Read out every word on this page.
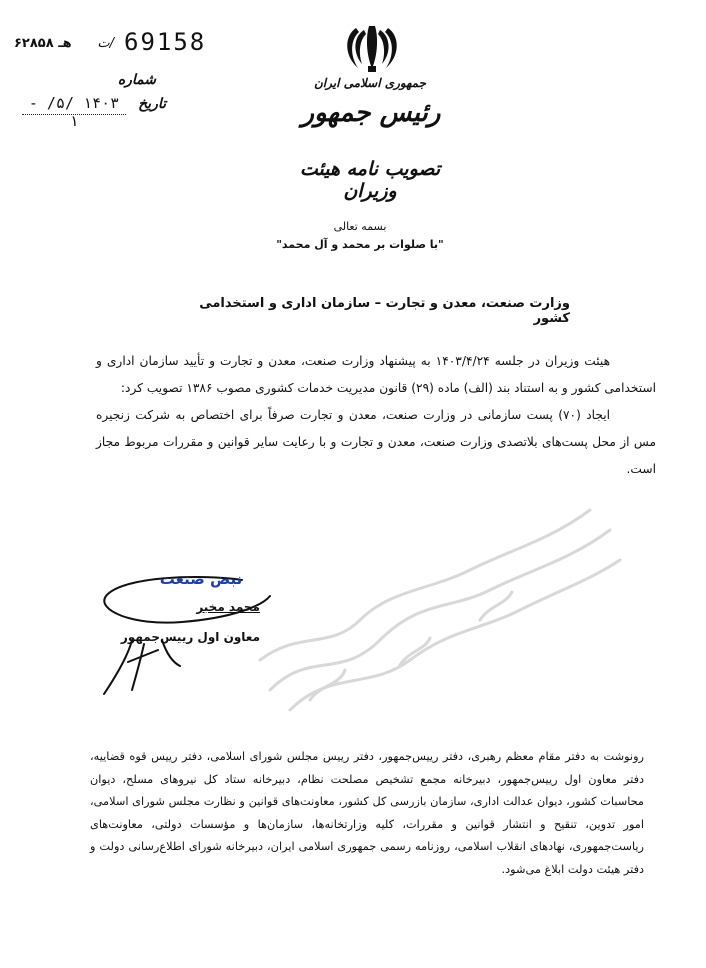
۶۲۸۵۸ هـ	/ت 69158
شماره
۱۴۰۳ /۵/ - ۱
تاریخ
جمهوری اسلامی ایران
رئیس جمهور
تصویب نامه هیئت وزیران
بسمه تعالی
"با صلوات بر محمد و آل محمد"
وزارت صنعت، معدن و تجارت – سازمان اداری و استخدامی کشور

هیئت وزیران در جلسه ۱۴۰۳/۴/۲۴ به پیشنهاد وزارت صنعت، معدن و تجارت و تأیید سازمان اداری و استخدامی کشور و به استناد بند (الف) ماده (۲۹) قانون مدیریت خدمات کشوری مصوب ۱۳۸۶ تصویب کرد:

ایجاد (۷۰) پست سازمانی در وزارت صنعت، معدن و تجارت صرفاً برای اختصاص به شرکت زنجیره مس از محل پست‌های بلاتصدی وزارت صنعت، معدن و تجارت و با رعایت سایر قوانین و مقررات مربوط مجاز است.

نبض صنعت
محمد مخبر
معاون اول رییس‌جمهور
رونوشت به دفتر مقام معظم رهبری، دفتر رییس‌جمهور، دفتر رییس مجلس شورای اسلامی، دفتر رییس قوه قضاییه، دفتر معاون اول رییس‌جمهور، دبیرخانه مجمع تشخیص مصلحت نظام، دبیرخانه ستاد کل نیروهای مسلح، دیوان محاسبات کشور، دیوان عدالت اداری، سازمان بازرسی کل کشور، معاونت‌های قوانین و نظارت مجلس شورای اسلامی، امور تدوین، تنقیح و انتشار قوانین و مقررات، کلیه وزارتخانه‌ها، سازمان‌ها و مؤسسات دولتی، معاونت‌های ریاست‌جمهوری، نهادهای انقلاب اسلامی، روزنامه رسمی جمهوری اسلامی ایران، دبیرخانه شورای اطلاع‌رسانی دولت و دفتر هیئت دولت ابلاغ می‌شود.
